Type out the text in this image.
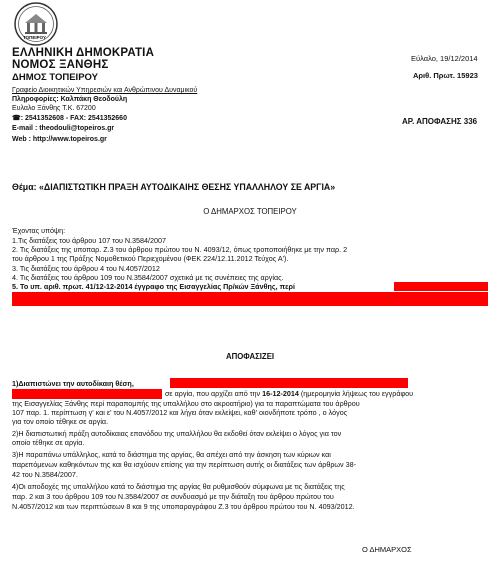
ΤΟΠΕΙΡΟΥ
ΕΛΛΗΝΙΚΗ ΔΗΜΟΚΡΑΤΙΑ
ΝΟΜΟΣ ΞΑΝΘΗΣ
ΔΗΜΟΣ ΤΟΠΕΙΡΟΥ
Γραφείο Διοικητικών Υπηρεσιών και Ανθρώπινου Δυναμικού
Πληροφορίες: Καλπάκη Θεοδούλη
Ευλαλο Ξάνθης Τ.Κ. 67200
☎: 2541352608 - FAX: 2541352660
E-mail : theodouli@topeiros.gr
Web : http://www.topeiros.gr
Εύλαλο, 19/12/2014
Αριθ. Πρωτ. 15923
ΑΡ. ΑΠΟΦΑΣΗΣ 336
Θέμα: «ΔΙΑΠΙΣΤΩΤΙΚΗ ΠΡΑΞΗ ΑΥΤΟΔΙΚΑΙΗΣ ΘΕΣΗΣ ΥΠΑΛΛΗΛΟΥ ΣΕ ΑΡΓΙΑ»
Ο ΔΗΜΑΡΧΟΣ ΤΟΠΕΙΡΟΥ
Έχοντας υπόψη:
1.Τις διατάξεις του άρθρου 107 του Ν.3584/2007
2. Τις διατάξεις της υποπαρ. Ζ.3 του άρθρου πρώτου του Ν. 4093/12, όπως τροποποιήθηκε με την παρ. 2
του άρθρου 1 της Πράξης Νομοθετικού Περιεχομένου (ΦΕΚ 224/12.11.2012 Τεύχος Α').
3. Τις διατάξεις του άρθρου 4 του Ν.4057/2012
4. Τις διατάξεις του άρθρου 109 του Ν.3584/2007 σχετικά με τις συνέπειες της αργίας.
5. Το υπ. αριθ. πρωτ. 41/12-12-2014 έγγραφο της Εισαγγελίας Πρ/κών Ξάνθης, περί
ΑΠΟΦΑΣΙΖΕΙ
1)Διαπιστώνει την αυτοδίκαιη θέση,
σε αργία, που αρχίζει από την 16-12-2014 (ημερομηνία λήψεως του εγγράφου
της Εισαγγελίας Ξάνθης περί παραπομπής της υπαλλήλου στο ακροατήριο) για τα παραπτώματα του άρθρου
107 παρ. 1. περίπτωση γ' και ε' του Ν.4057/2012 και λήγει όταν εκλείψει, καθ' οιονδήποτε τρόπο , ο λόγος
για τον οποίο τέθηκε σε αργία.
2)Η διαπιστωτική πράξη αυτοδίκαιας επανόδου της υπαλλήλου θα εκδοθεί όταν εκλείψει ο λόγος για τον
οποίο τέθηκε σε αργία.
3)Η παραπάνω υπάλληλος, κατά το διάστημα της αργίας, θα απέχει από την άσκηση των κύριων και
παρεπόμενων καθηκόντων της και θα ισχύουν επίσης για την περίπτωση αυτής οι διατάξεις των άρθρων 38-
42 του Ν.3584/2007.
4)Οι αποδοχές της υπαλλήλου κατά το διάστημα της αργίας θα ρυθμισθούν σύμφωνα με τις διατάξεις της
παρ. 2 και 3 του άρθρου 109 του Ν.3584/2007 σε συνδυασμό με την διάταξη του άρθρου πρώτου του
Ν.4057/2012 και των περιπτώσεων 8 και 9 της υποπαραγράφου Ζ.3 του άρθρου πρώτου του Ν. 4093/2012.
Ο ΔΗΜΑΡΧΟΣ
